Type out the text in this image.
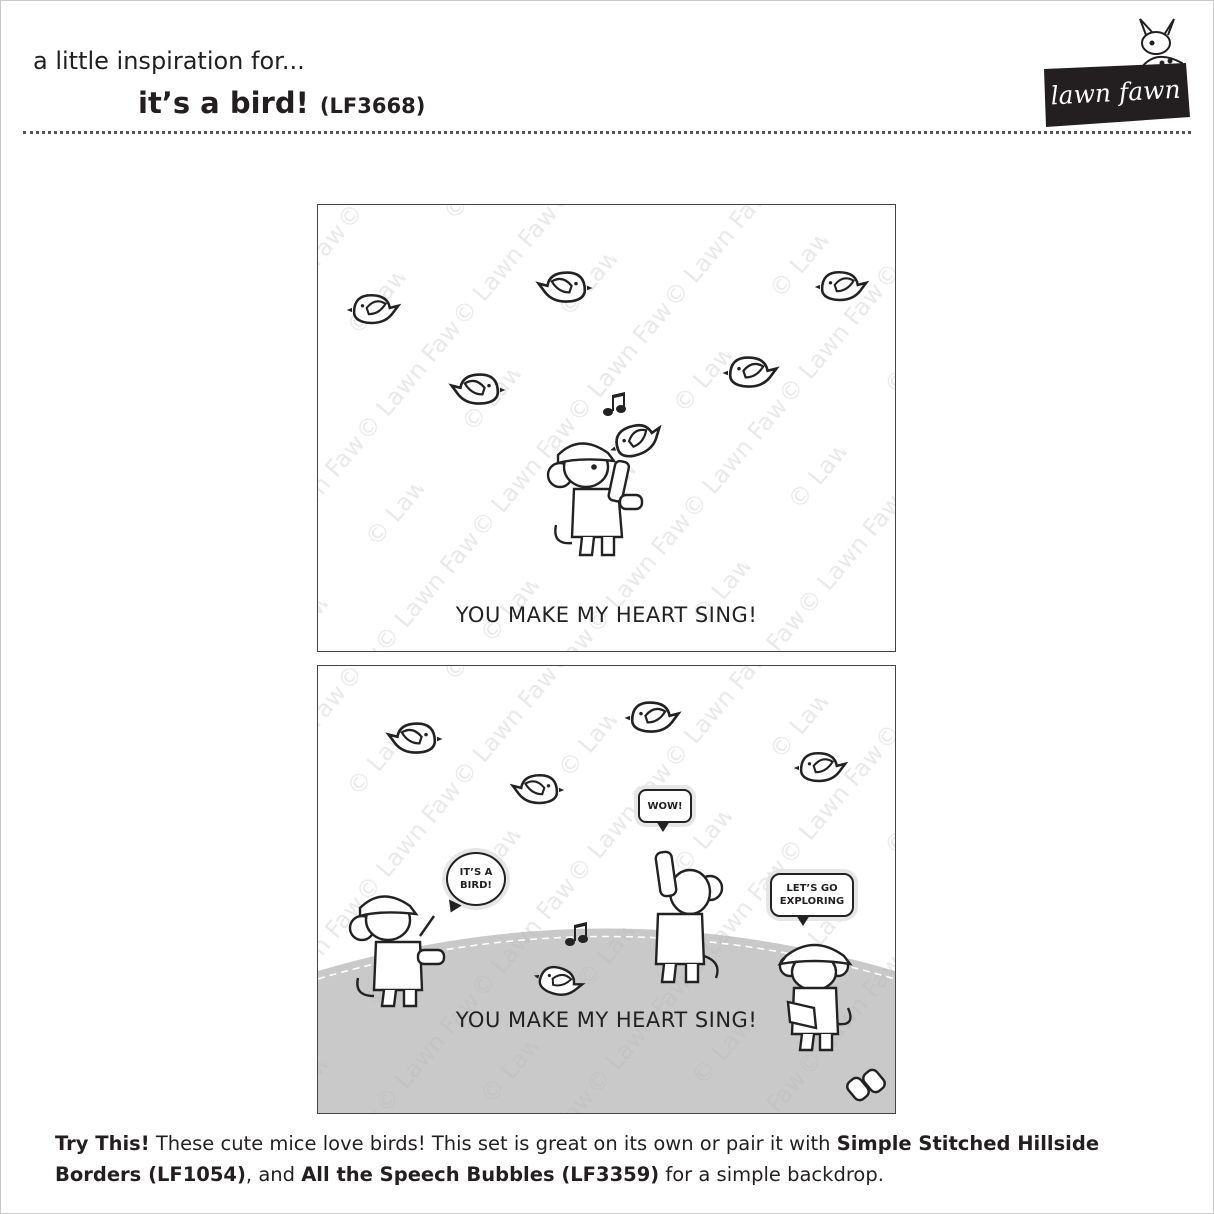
a little inspiration for...
it’s a bird! (LF3668)	lawn fawn
YOU MAKE MY HEART SING!
WOW!
IT’S A BIRD!	LET’S GO EXPLORING
YOU MAKE MY HEART SING!
Try This! These cute mice love birds! This set is great on its own or pair it with Simple Stitched Hillside Borders (LF1054), and All the Speech Bubbles (LF3359) for a simple backdrop.
